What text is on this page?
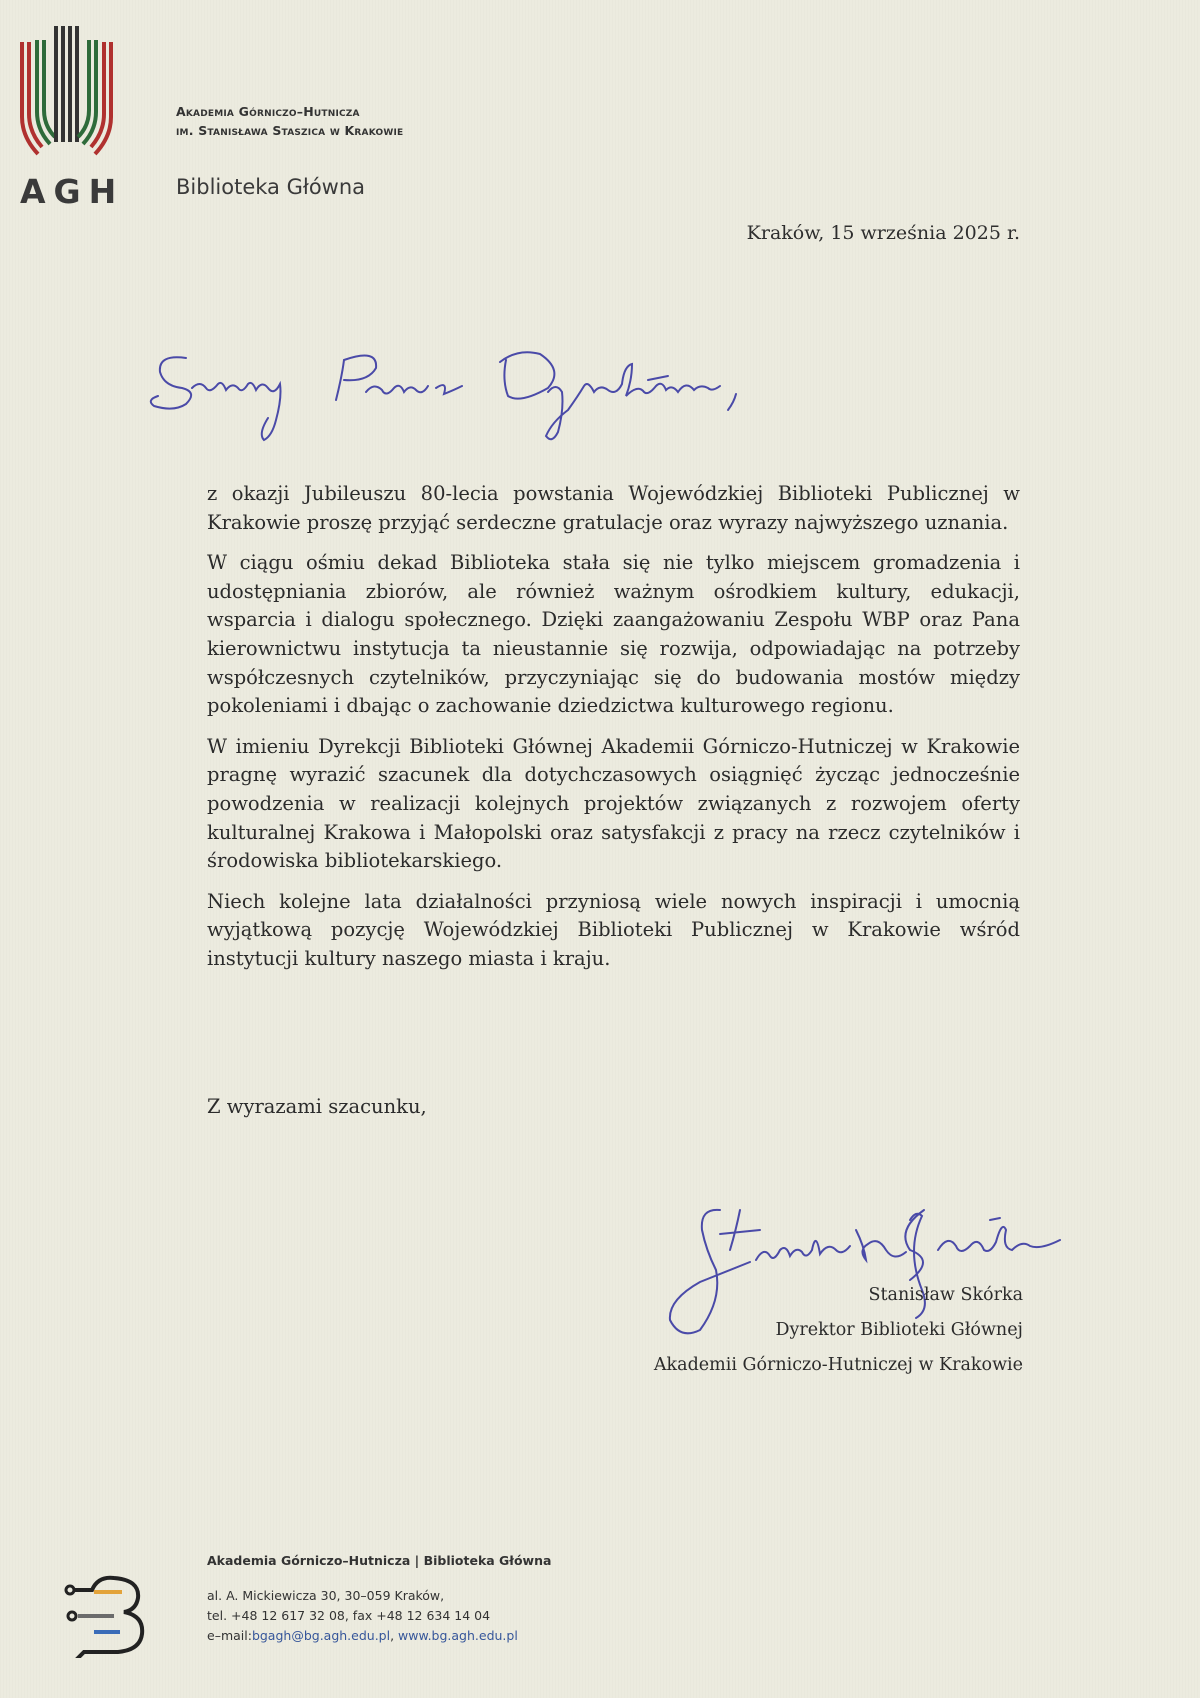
AGH
Akademia Górniczo–Hutnicza
im. Stanisława Staszica w Krakowie
Biblioteka Główna
Kraków, 15 września 2025 r.

z okazji Jubileuszu 80-lecia powstania Wojewódzkiej Biblioteki Publicznej w Krakowie proszę przyjąć serdeczne gratulacje oraz wyrazy najwyższego uznania.

W ciągu ośmiu dekad Biblioteka stała się nie tylko miejscem gromadzenia i udostępniania zbiorów, ale również ważnym ośrodkiem kultury, edukacji, wsparcia i dialogu społecznego. Dzięki zaangażowaniu Zespołu WBP oraz Pana kierownictwu instytucja ta nieustannie się rozwija, odpowiadając na potrzeby współczesnych czytelników, przyczyniając się do budowania mostów między pokoleniami i dbając o zachowanie dziedzictwa kulturowego regionu.

W imieniu Dyrekcji Biblioteki Głównej Akademii Górniczo-Hutniczej w Krakowie pragnę wyrazić szacunek dla dotychczasowych osiągnięć życząc jednocześnie powodzenia w realizacji kolejnych projektów związanych z rozwojem oferty kulturalnej Krakowa i Małopolski oraz satysfakcji z pracy na rzecz czytelników i środowiska bibliotekarskiego.

Niech kolejne lata działalności przyniosą wiele nowych inspiracji i umocnią wyjątkową pozycję Wojewódzkiej Biblioteki Publicznej w Krakowie wśród instytucji kultury naszego miasta i kraju.

Z wyrazami szacunku,
Stanisław Skórka
Dyrektor Biblioteki Głównej
Akademii Górniczo-Hutniczej w Krakowie
Akademia Górniczo–Hutnicza | Biblioteka Główna
al. A. Mickiewicza 30, 30–059 Kraków,
tel. +48 12 617 32 08, fax +48 12 634 14 04
e–mail:bgagh@bg.agh.edu.pl, www.bg.agh.edu.pl
